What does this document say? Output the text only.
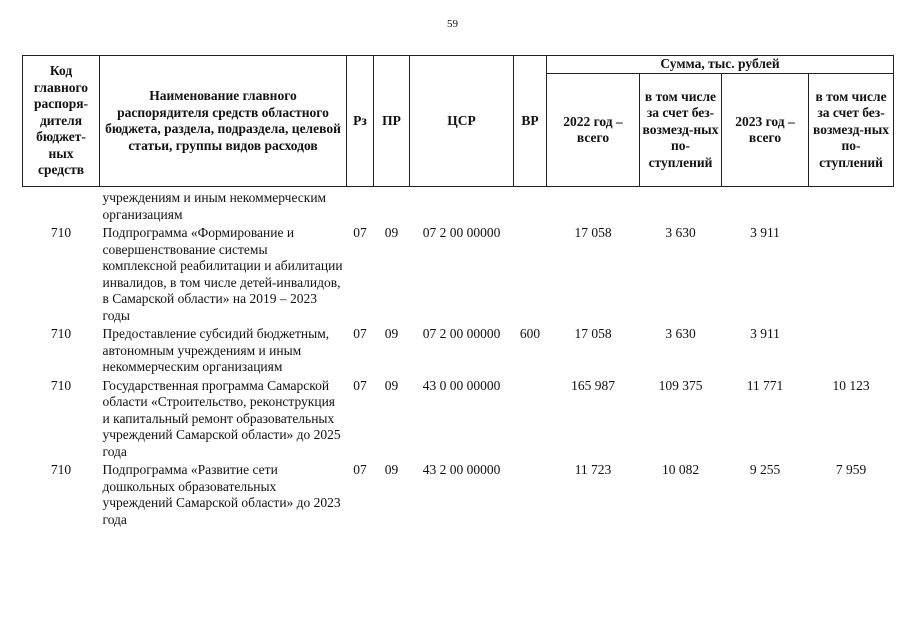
59
Код главного распоря-дителя бюджет-ных средств	Наименование главного распорядителя средств областного бюджета, раздела, подраздела, целевой статьи, группы видов расходов	Рз	ПР	ЦСР	ВР	Сумма, тыс. рублей			
						2022 год – всего	в том числе за счет без-возмезд-ных по-ступлений	2023 год – всего	в том числе за счет без-возмезд-ных по-ступлений
	учреждениям и иным некоммерческим организациям								
710	Подпрограмма «Формирование и совершенствование системы комплексной реабилитации и абилитации инвалидов, в том числе детей-инвалидов, в Самарской области» на 2019 – 2023 годы	07	09	07 2 00 00000		17 058	3 630	3 911	
710	Предоставление субсидий бюджетным, автономным учреждениям и иным некоммерческим организациям	07	09	07 2 00 00000	600	17 058	3 630	3 911	
710	Государственная программа Самарской области «Строительство, реконструкция и капитальный ремонт образовательных учреждений Самарской области» до 2025 года	07	09	43 0 00 00000		165 987	109 375	11 771	10 123
710	Подпрограмма «Развитие сети дошкольных образовательных учреждений Самарской области» до 2023 года	07	09	43 2 00 00000		11 723	10 082	9 255	7 959
